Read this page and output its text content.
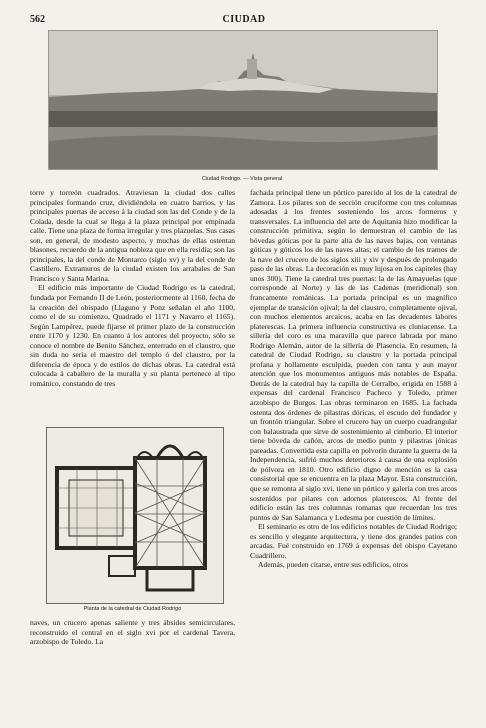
562	CIUDAD
Ciudad Rodrigo. — Vista general

torre y torreón cuadrados. Atraviesan la ciudad dos calles principales formando cruz, dividiéndola en cuatro barrios, y las principales puertas de acceso á la ciudad son las del Conde y de la Colada, desde la cual se llega á la plaza principal por empinada calle. Tiene una plaza de forma irregular y tres plazuelas. Sus casas son, en general, de modesto aspecto, y muchas de ellas ostentan blasones, recuerdo de la antigua nobleza que en ella residía; son las principales, la del conde de Montarco (siglo xv) y la del conde de Castillero. Extramuros de la ciudad existen los arrabales de San Francisco y Santa Marina.

El edificio más importante de Ciudad Rodrigo es la catedral, fundada por Fernando II de León, posteriormente al 1160, fecha de la creación del obispado (Llaguno y Ponz señalan el año 1100, como el de su comienzo, Quadrado el 1171 y Navarro el 1165). Según Lampérez, puede fijarse el primer plazo de la construcción entre 1170 y 1230. En cuanto á los autores del proyecto, sólo se conoce el nombre de Benito Sánchez, enterrado en el claustro, que sin duda no sería el maestro del templo ó del claustro, por la diferencia de época y de estilos de dichas obras. La catedral está colocada á caballero de la muralla y su planta pertenece al tipo románico, constando de tres

Planta de la catedral de Ciudad Rodrigo

naves, un crucero apenas saliente y tres ábsides semicirculares, reconstruido el central en el siglo xvi por el cardenal Tavera, arzobispo de Toledo. La

fachada principal tiene un pórtico parecido al los de la catedral de Zamora. Los pilares son de sección cruciforme con tres columnas adosadas á los frentes sosteniendo los arcos formeros y transversales. La influencia del arte de Aquitania hizo modificar la construcción primitiva, según lo demuestran el cambio de las bóvedas góticas por la parte alta de las naves bajas, con ventanas góticas y góticos los de las naves altas; el cambio de los tramos de la nave del crucero de los siglos xiii y xiv y después de prolongado paso de las obras. La decoración es muy lujosa en los capiteles (hay unos 300). Tiene la catedral tres puertas: la de las Amayuelas (que corresponde al Norte) y las de las Cadenas (meridional) son francamente románicas. La portada principal es un magnífico ejemplar de transición ojival; la del claustro, completamente ojival, con muchos elementos arcaicos, acaba en las decadentes labores platerescas. La primera influencia constructiva es cluniacense. La sillería del coro es una maravilla que parece labrada por mano Rodrigo Alemán, autor de la sillería de Plasencia. En resumen, la catedral de Ciudad Rodrigo, su claustro y la portada principal profana y hollamente esculpida, pueden con tanta y aun mayor atención que los monumentos antiguos más notables de España. Detrás de la catedral hay la capilla de Cerralbo, erigida en 1588 á expensas del cardenal Francisco Pacheco y Toledo, primer arzobispo de Burgos. Las obras terminaron en 1685. La fachada ostenta dos órdenes de pilastras dóricas, el escudo del fundador y un frontón triangular. Sobre el crucero hay un cuerpo cuadrangular con balaustrada que sirve de sostenimiento al cimborio. El interior tiene bóveda de cañón, arcos de medio punto y pilastras jónicas pareadas. Convertida esta capilla en polvorín durante la guerra de la Independencia, sufrió muchos deterioros á causa de una explosión de pólvora en 1810. Otro edificio digno de mención es la casa consistorial que se encuentra en la plaza Mayor. Esta construcción, que se remonta al siglo xvi, tiene un pórtico y galería con tres arcos sostenidos por pilares con adornos platerescos. Al frente del edificio están las tres columnas romanas que recuerdan los tres puntos de San Salamanca y Ledesma por cuestión de límites.

El seminario es otro de los edificios notables de Ciudad Rodrigo; es sencillo y elegante arquitectura, y tiene dos grandes patios con arcadas. Fué construido en 1769 á expensas del obispo Cayetano Cuadrillero.

Además, pueden citarse, entre sus edificios, otros
